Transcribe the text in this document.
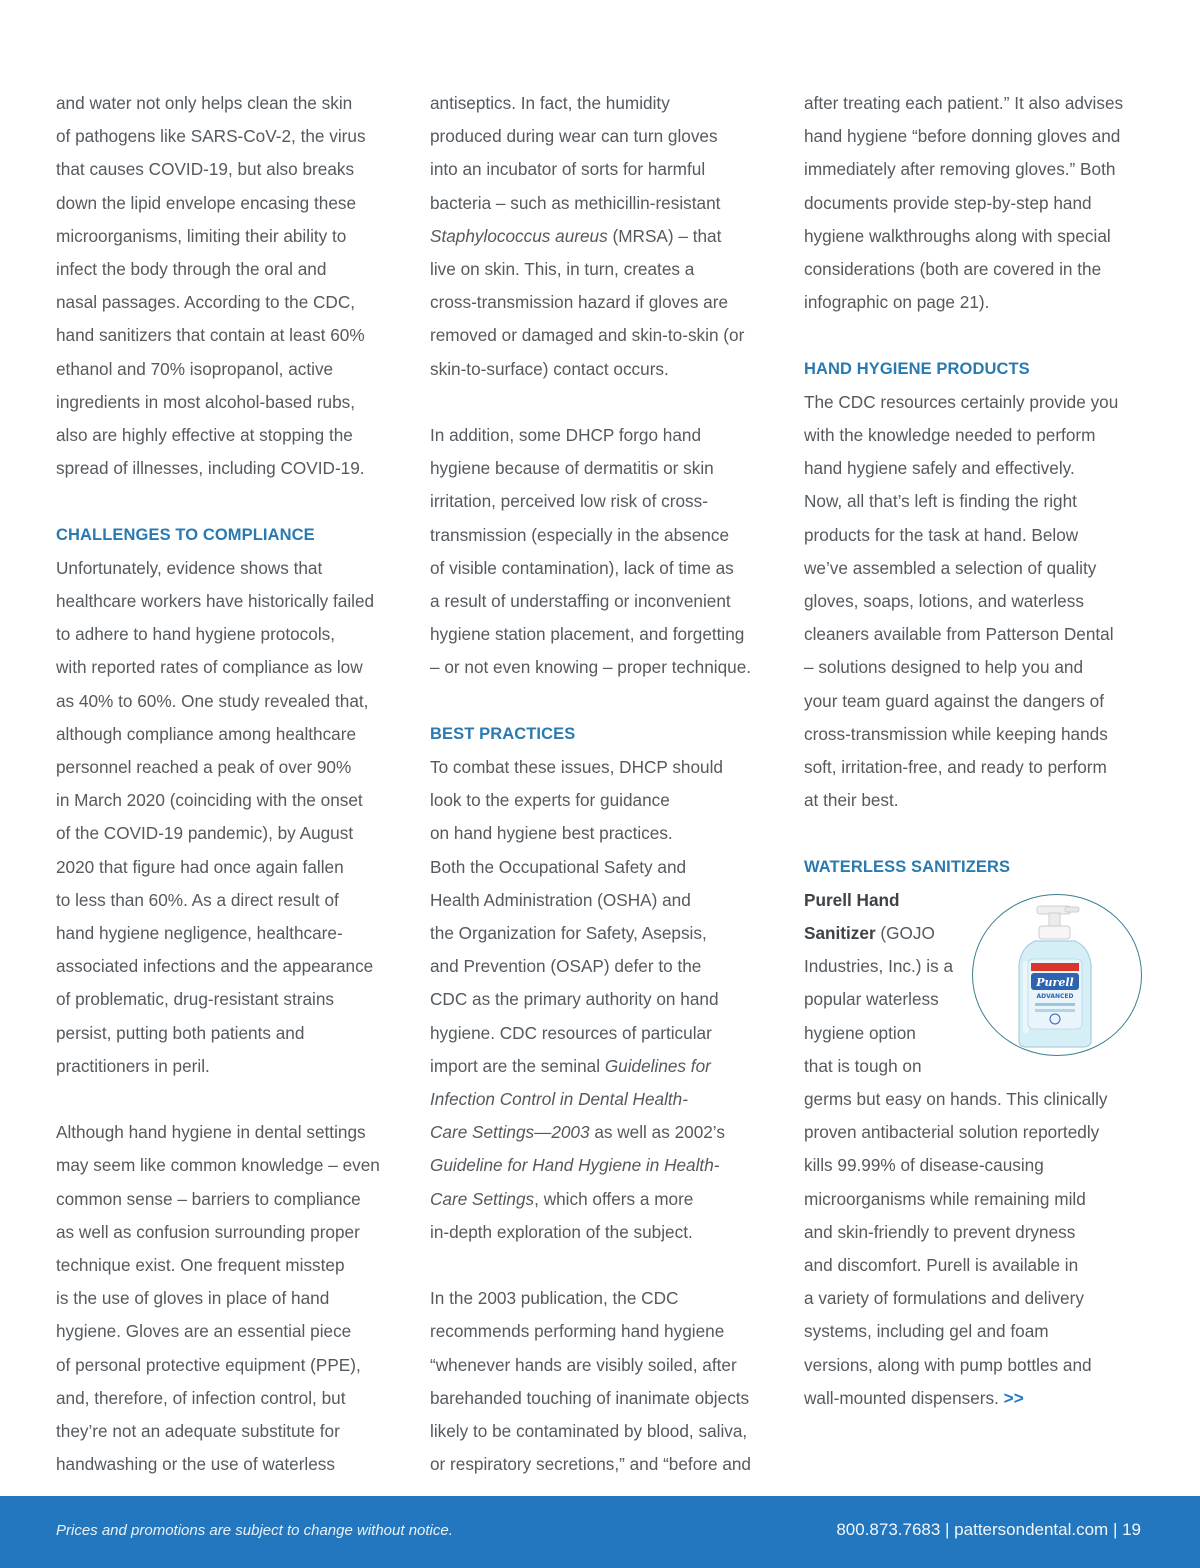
and water not only helps clean the skin
of pathogens like SARS-CoV-2, the virus
that causes COVID-19, but also breaks
down the lipid envelope encasing these
microorganisms, limiting their ability to
infect the body through the oral and
nasal passages. According to the CDC,
hand sanitizers that contain at least 60%
ethanol and 70% isopropanol, active
ingredients in most alcohol-based rubs,
also are highly effective at stopping the
spread of illnesses, including COVID-19.

CHALLENGES TO COMPLIANCE

Unfortunately, evidence shows that
healthcare workers have historically failed
to adhere to hand hygiene protocols,
with reported rates of compliance as low
as 40% to 60%. One study revealed that,
although compliance among healthcare
personnel reached a peak of over 90%
in March 2020 (coinciding with the onset
of the COVID-19 pandemic), by August
2020 that figure had once again fallen
to less than 60%. As a direct result of
hand hygiene negligence, healthcare-
associated infections and the appearance
of problematic, drug-resistant strains
persist, putting both patients and
practitioners in peril.

Although hand hygiene in dental settings
may seem like common knowledge – even
common sense – barriers to compliance
as well as confusion surrounding proper
technique exist. One frequent misstep
is the use of gloves in place of hand
hygiene. Gloves are an essential piece
of personal protective equipment (PPE),
and, therefore, of infection control, but
they’re not an adequate substitute for
handwashing or the use of waterless

antiseptics. In fact, the humidity
produced during wear can turn gloves
into an incubator of sorts for harmful
bacteria – such as methicillin-resistant
Staphylococcus aureus (MRSA) – that
live on skin. This, in turn, creates a
cross-transmission hazard if gloves are
removed or damaged and skin-to-skin (or
skin-to-surface) contact occurs.

In addition, some DHCP forgo hand
hygiene because of dermatitis or skin
irritation, perceived low risk of cross-
transmission (especially in the absence
of visible contamination), lack of time as
a result of understaffing or inconvenient
hygiene station placement, and forgetting
– or not even knowing – proper technique.

BEST PRACTICES

To combat these issues, DHCP should
look to the experts for guidance
on hand hygiene best practices.
Both the Occupational Safety and
Health Administration (OSHA) and
the Organization for Safety, Asepsis,
and Prevention (OSAP) defer to the
CDC as the primary authority on hand
hygiene. CDC resources of particular
import are the seminal Guidelines for
Infection Control in Dental Health-
Care Settings—2003 as well as 2002’s
Guideline for Hand Hygiene in Health-
Care Settings, which offers a more
in-depth exploration of the subject.

In the 2003 publication, the CDC
recommends performing hand hygiene
“whenever hands are visibly soiled, after
barehanded touching of inanimate objects
likely to be contaminated by blood, saliva,
or respiratory secretions,” and “before and

after treating each patient.” It also advises
hand hygiene “before donning gloves and
immediately after removing gloves.” Both
documents provide step-by-step hand
hygiene walkthroughs along with special
considerations (both are covered in the
infographic on page 21).

HAND HYGIENE PRODUCTS

The CDC resources certainly provide you
with the knowledge needed to perform
hand hygiene safely and effectively.
Now, all that’s left is finding the right
products for the task at hand. Below
we’ve assembled a selection of quality
gloves, soaps, lotions, and waterless
cleaners available from Patterson Dental
– solutions designed to help you and
your team guard against the dangers of
cross-transmission while keeping hands
soft, irritation-free, and ready to perform
at their best.

WATERLESS SANITIZERS

Purell Hand
Sanitizer (GOJO
Industries, Inc.) is a
popular waterless
hygiene option
that is tough on
germs but easy on hands. This clinically
proven antibacterial solution reportedly
kills 99.99% of disease-causing
microorganisms while remaining mild
and skin-friendly to prevent dryness
and discomfort. Purell is available in
a variety of formulations and delivery
systems, including gel and foam
versions, along with pump bottles and
wall-mounted dispensers. >>

Purell
ADVANCED
Prices and promotions are subject to change without notice.	800.873.7683 | pattersondental.com | 19
